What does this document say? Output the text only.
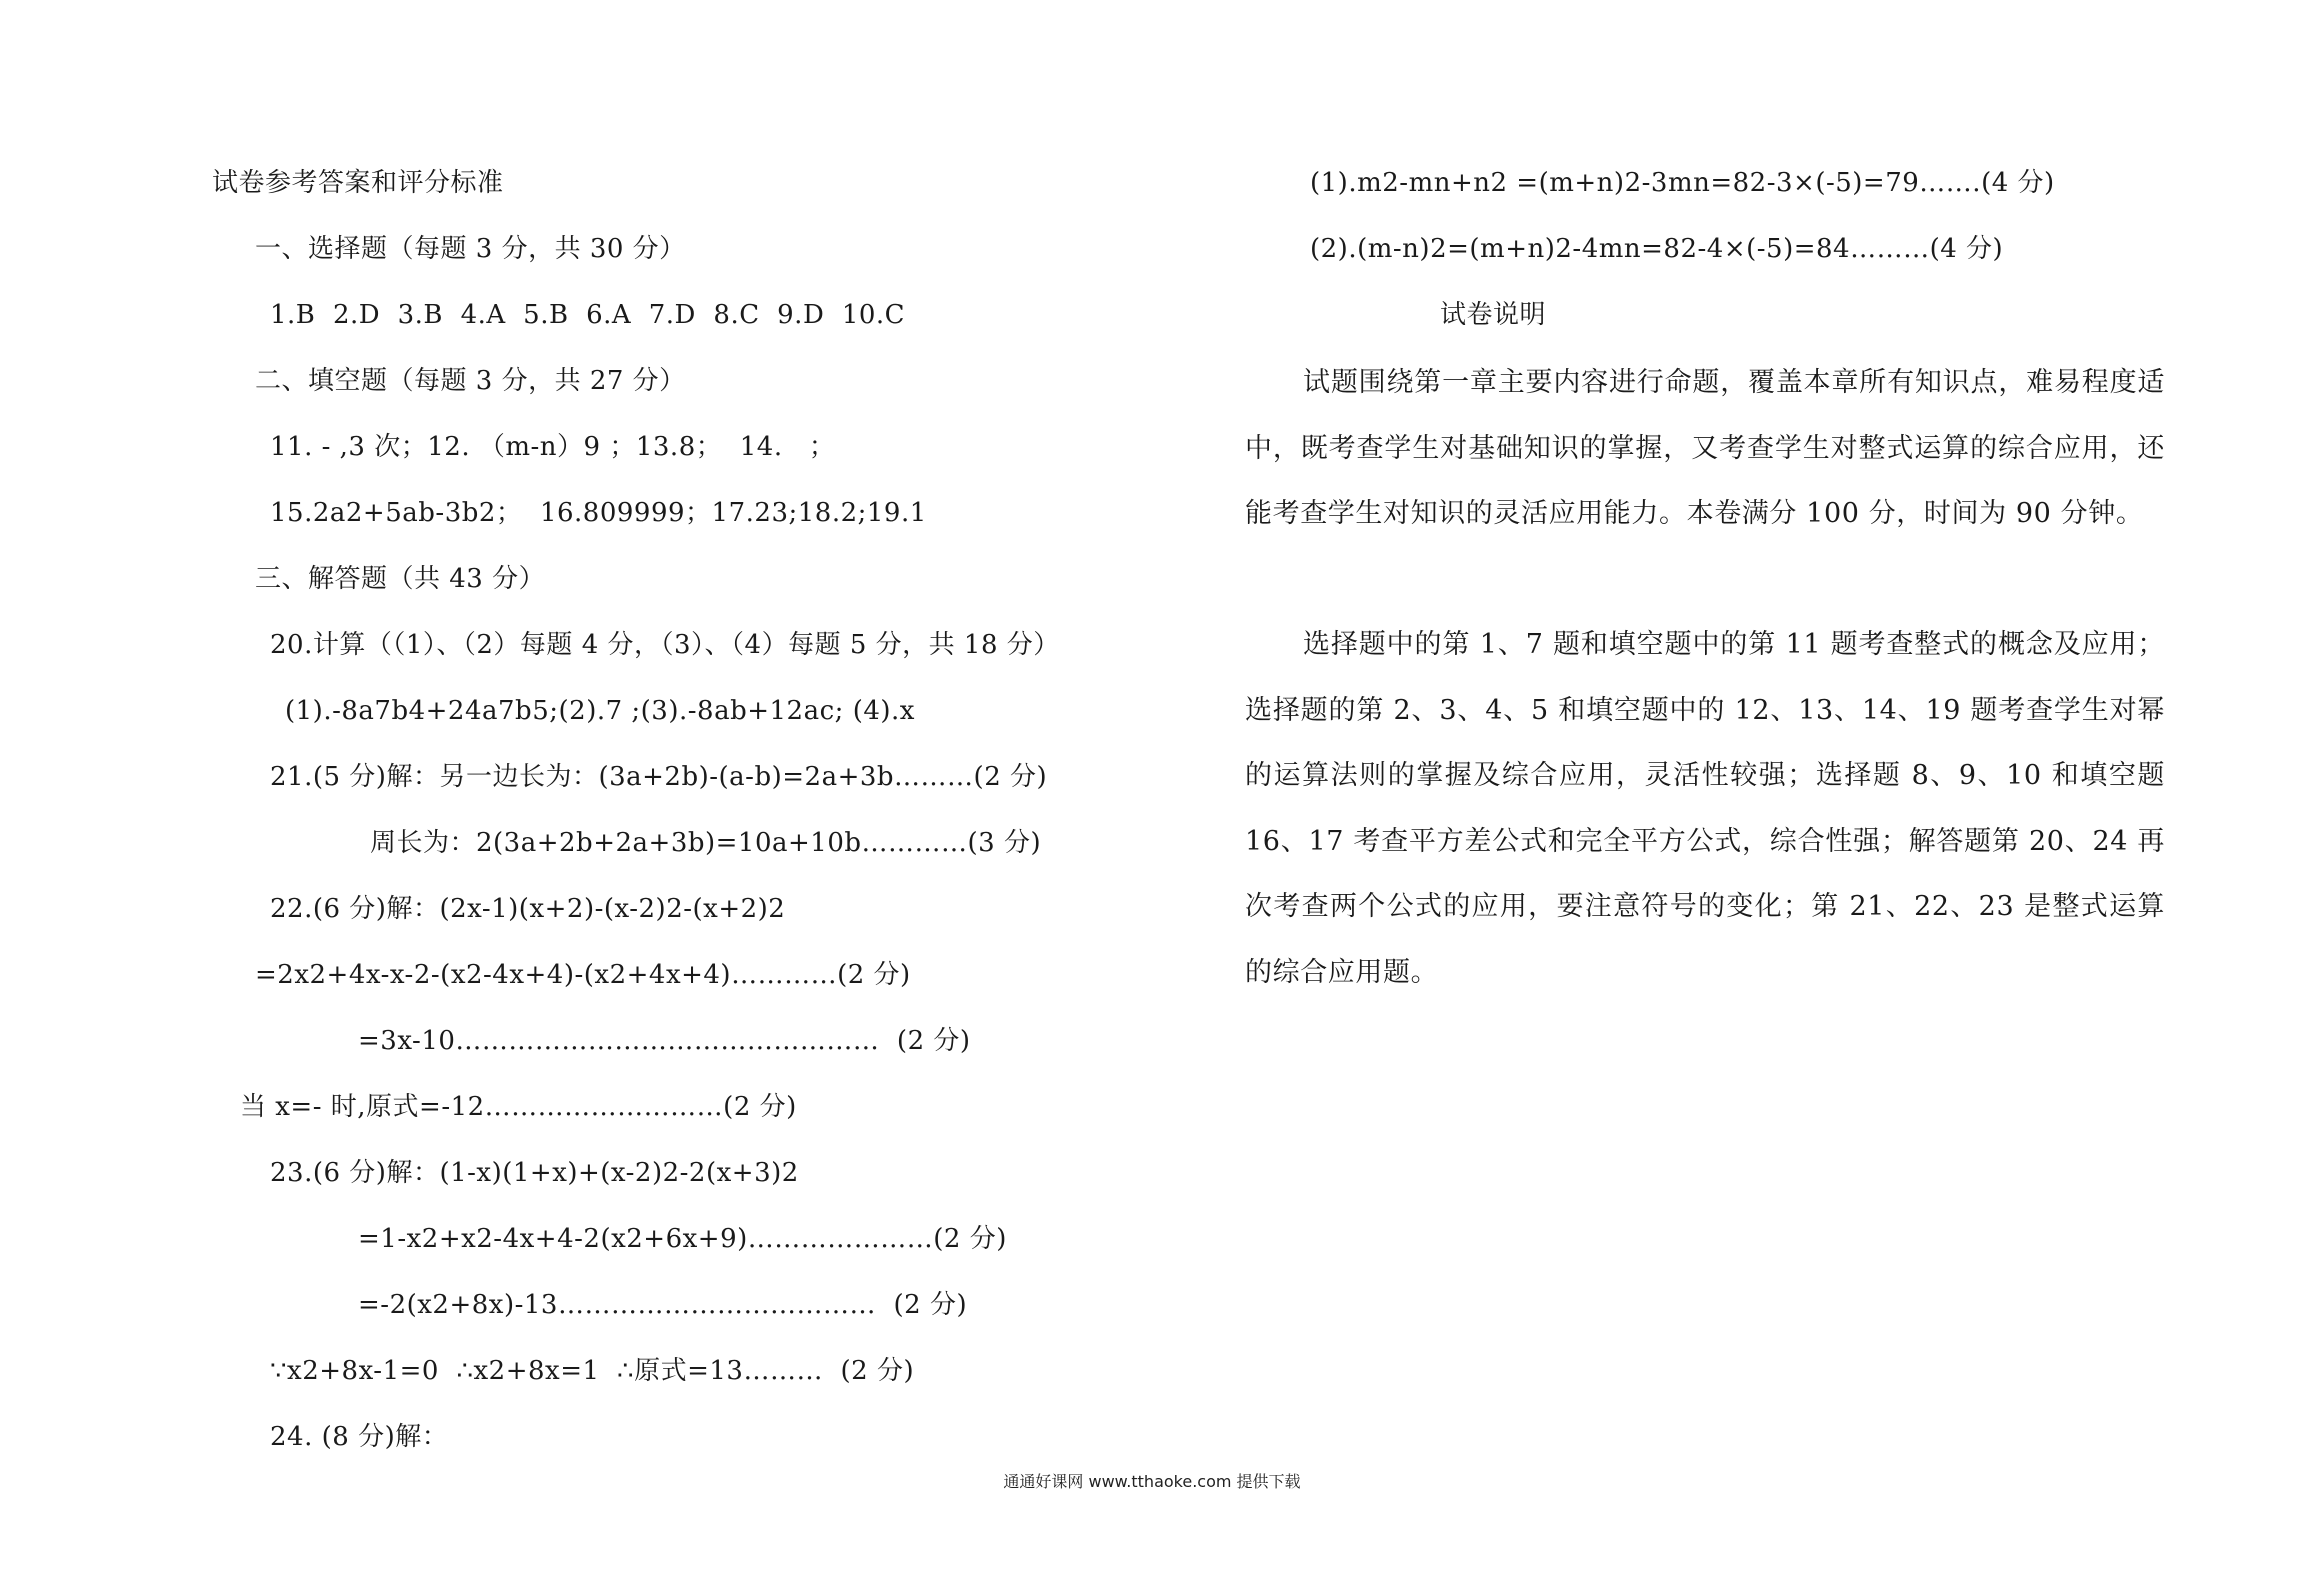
试卷参考答案和评分标准
一、选择题（每题 3 分，共 30 分）
1.B  2.D  3.B  4.A  5.B  6.A  7.D  8.C  9.D  10.C
二、填空题（每题 3 分，共 27 分）
11. - ,3 次；12. （m-n）9 ；13.8；  14.   ；
15.2a2+5ab-3b2；  16.809999；17.23;18.2;19.1
三、解答题（共 43 分）
20.计算（（1）、（2）每题 4 分，（3）、（4）每题 5 分，共 18 分）
(1).-8a7b4+24a7b5;(2).7 ;(3).-8ab+12ac; (4).x
21.(5 分)解：另一边长为：(3a+2b)-(a-b)=2a+3b………(2 分)
周长为：2(3a+2b+2a+3b)=10a+10b…………(3 分)
22.(6 分)解：(2x-1)(x+2)-(x-2)2-(x+2)2
=2x2+4x-x-2-(x2-4x+4)-(x2+4x+4)…………(2 分)
=3x-10…………………………………………  (2 分)
当 x=- 时,原式=-12………………………(2 分)
23.(6 分)解：(1-x)(1+x)+(x-2)2-2(x+3)2
=1-x2+x2-4x+4-2(x2+6x+9)…………………(2 分)
=-2(x2+8x)-13………………………………  (2 分)
∵x2+8x-1=0  ∴x2+8x=1  ∴原式=13………  (2 分)
24. (8 分)解：
(1).m2-mn+n2 =(m+n)2-3mn=82-3×(-5)=79…….(4 分)
(2).(m-n)2=(m+n)2-4mn=82-4×(-5)=84………(4 分)
试卷说明

试题围绕第一章主要内容进行命题，覆盖本章所有知识点，难易程度适中，既考查学生对基础知识的掌握，又考查学生对整式运算的综合应用，还能考查学生对知识的灵活应用能力。本卷满分 100 分，时间为 90 分钟。

选择题中的第 1、7 题和填空题中的第 11 题考查整式的概念及应用；选择题的第 2、3、4、5 和填空题中的 12、13、14、19 题考查学生对幂的运算法则的掌握及综合应用，灵活性较强；选择题 8、9、10 和填空题 16、17 考查平方差公式和完全平方公式，综合性强；解答题第 20、24 再次考查两个公式的应用，要注意符号的变化；第 21、22、23 是整式运算的综合应用题。

通通好课网 www.tthaoke.com 提供下载
